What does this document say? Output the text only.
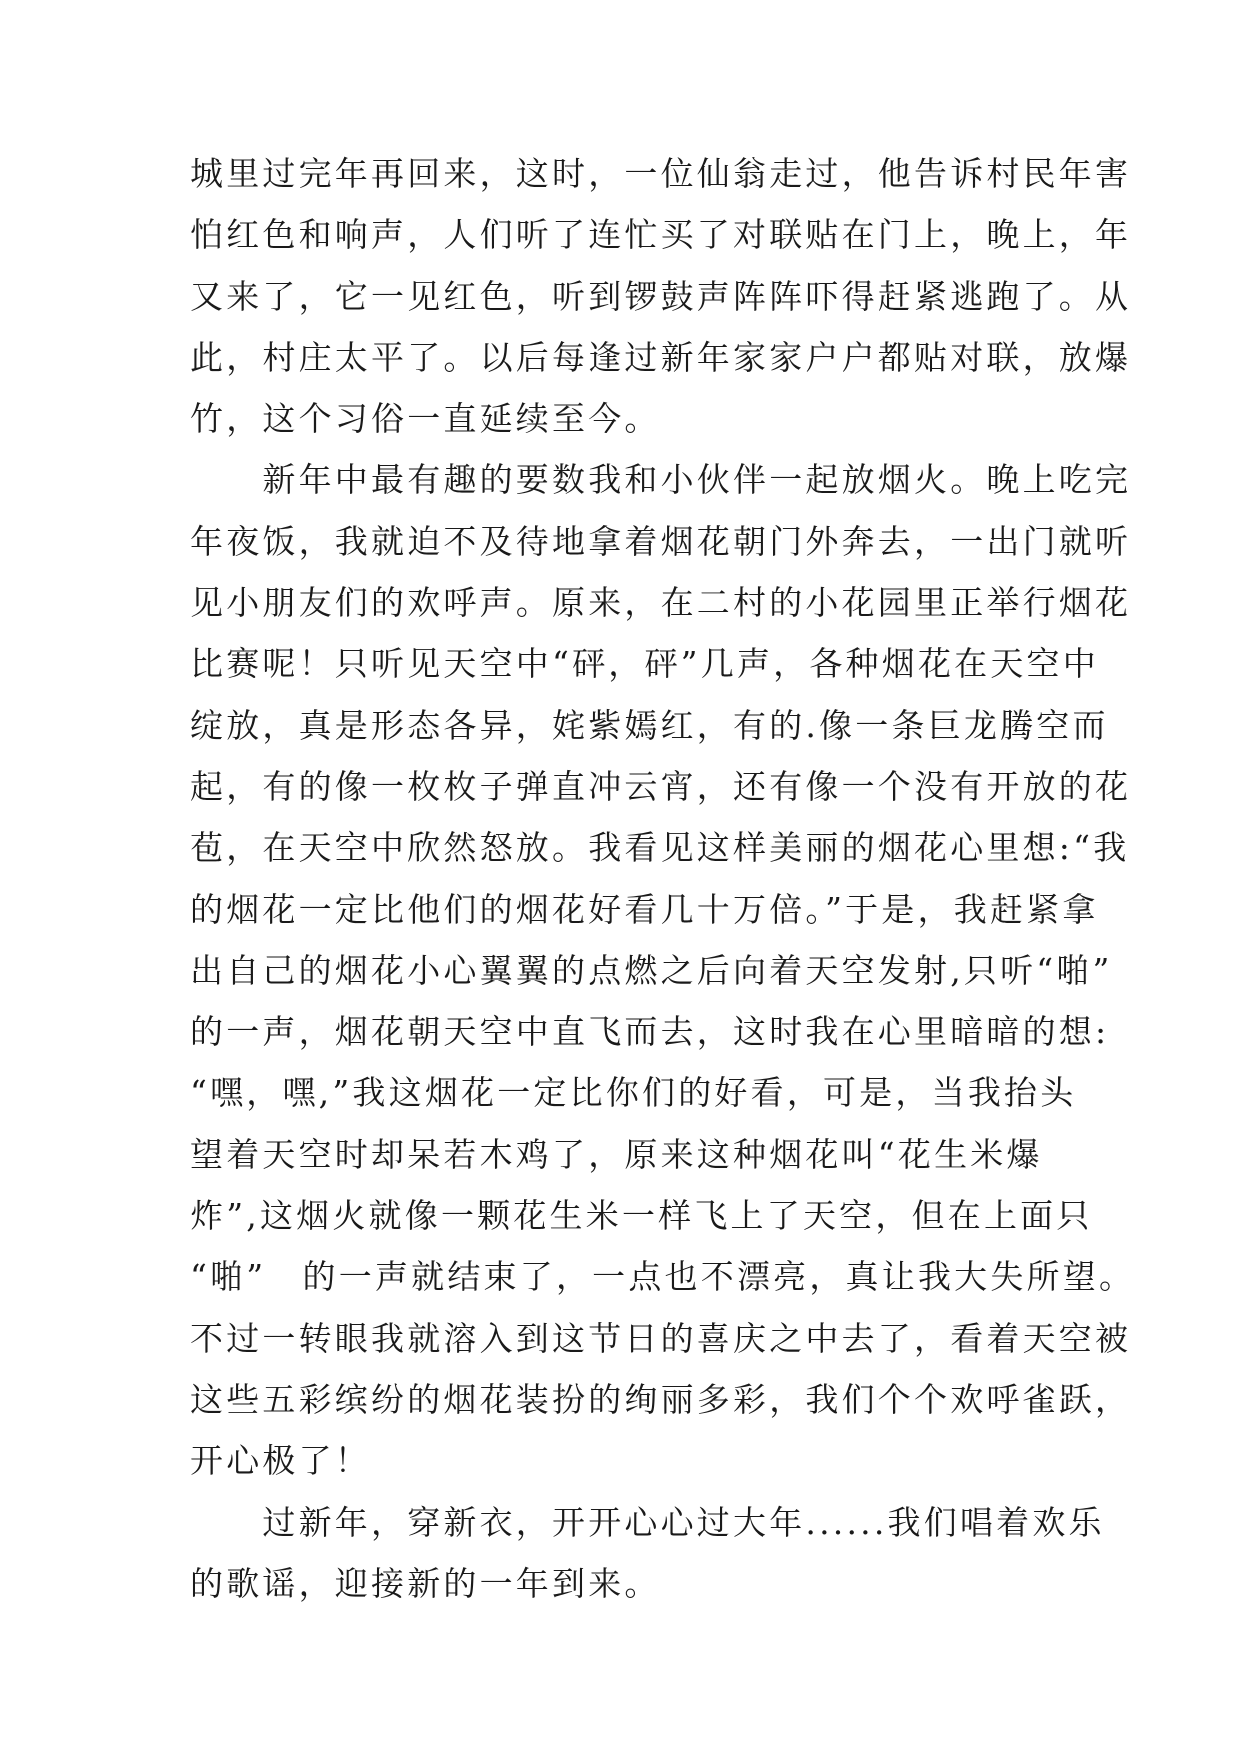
城里过完年再回来，这时，一位仙翁走过，他告诉村民年害
怕红色和响声，人们听了连忙买了对联贴在门上，晚上，年
又来了，它一见红色，听到锣鼓声阵阵吓得赶紧逃跑了。从
此，村庄太平了。以后每逢过新年家家户户都贴对联，放爆
竹，这个习俗一直延续至今。
　　新年中最有趣的要数我和小伙伴一起放烟火。晚上吃完
年夜饭，我就迫不及待地拿着烟花朝门外奔去，一出门就听
见小朋友们的欢呼声。原来，在二村的小花园里正举行烟花
比赛呢！只听见天空中“砰，砰”几声，各种烟花在天空中
绽放，真是形态各异，姹紫嫣红，有的.像一条巨龙腾空而
起，有的像一枚枚子弹直冲云宵，还有像一个没有开放的花
苞，在天空中欣然怒放。我看见这样美丽的烟花心里想:“我
的烟花一定比他们的烟花好看几十万倍。”于是，我赶紧拿
出自己的烟花小心翼翼的点燃之后向着天空发射,只听“啪”
的一声，烟花朝天空中直飞而去，这时我在心里暗暗的想:
“嘿，嘿,”我这烟花一定比你们的好看，可是，当我抬头
望着天空时却呆若木鸡了，原来这种烟花叫“花生米爆
炸”,这烟火就像一颗花生米一样飞上了天空，但在上面只
“啪”　的一声就结束了，一点也不漂亮，真让我大失所望。
不过一转眼我就溶入到这节日的喜庆之中去了，看着天空被
这些五彩缤纷的烟花装扮的绚丽多彩，我们个个欢呼雀跃，
开心极了！
　　过新年，穿新衣，开开心心过大年......我们唱着欢乐
的歌谣，迎接新的一年到来。
